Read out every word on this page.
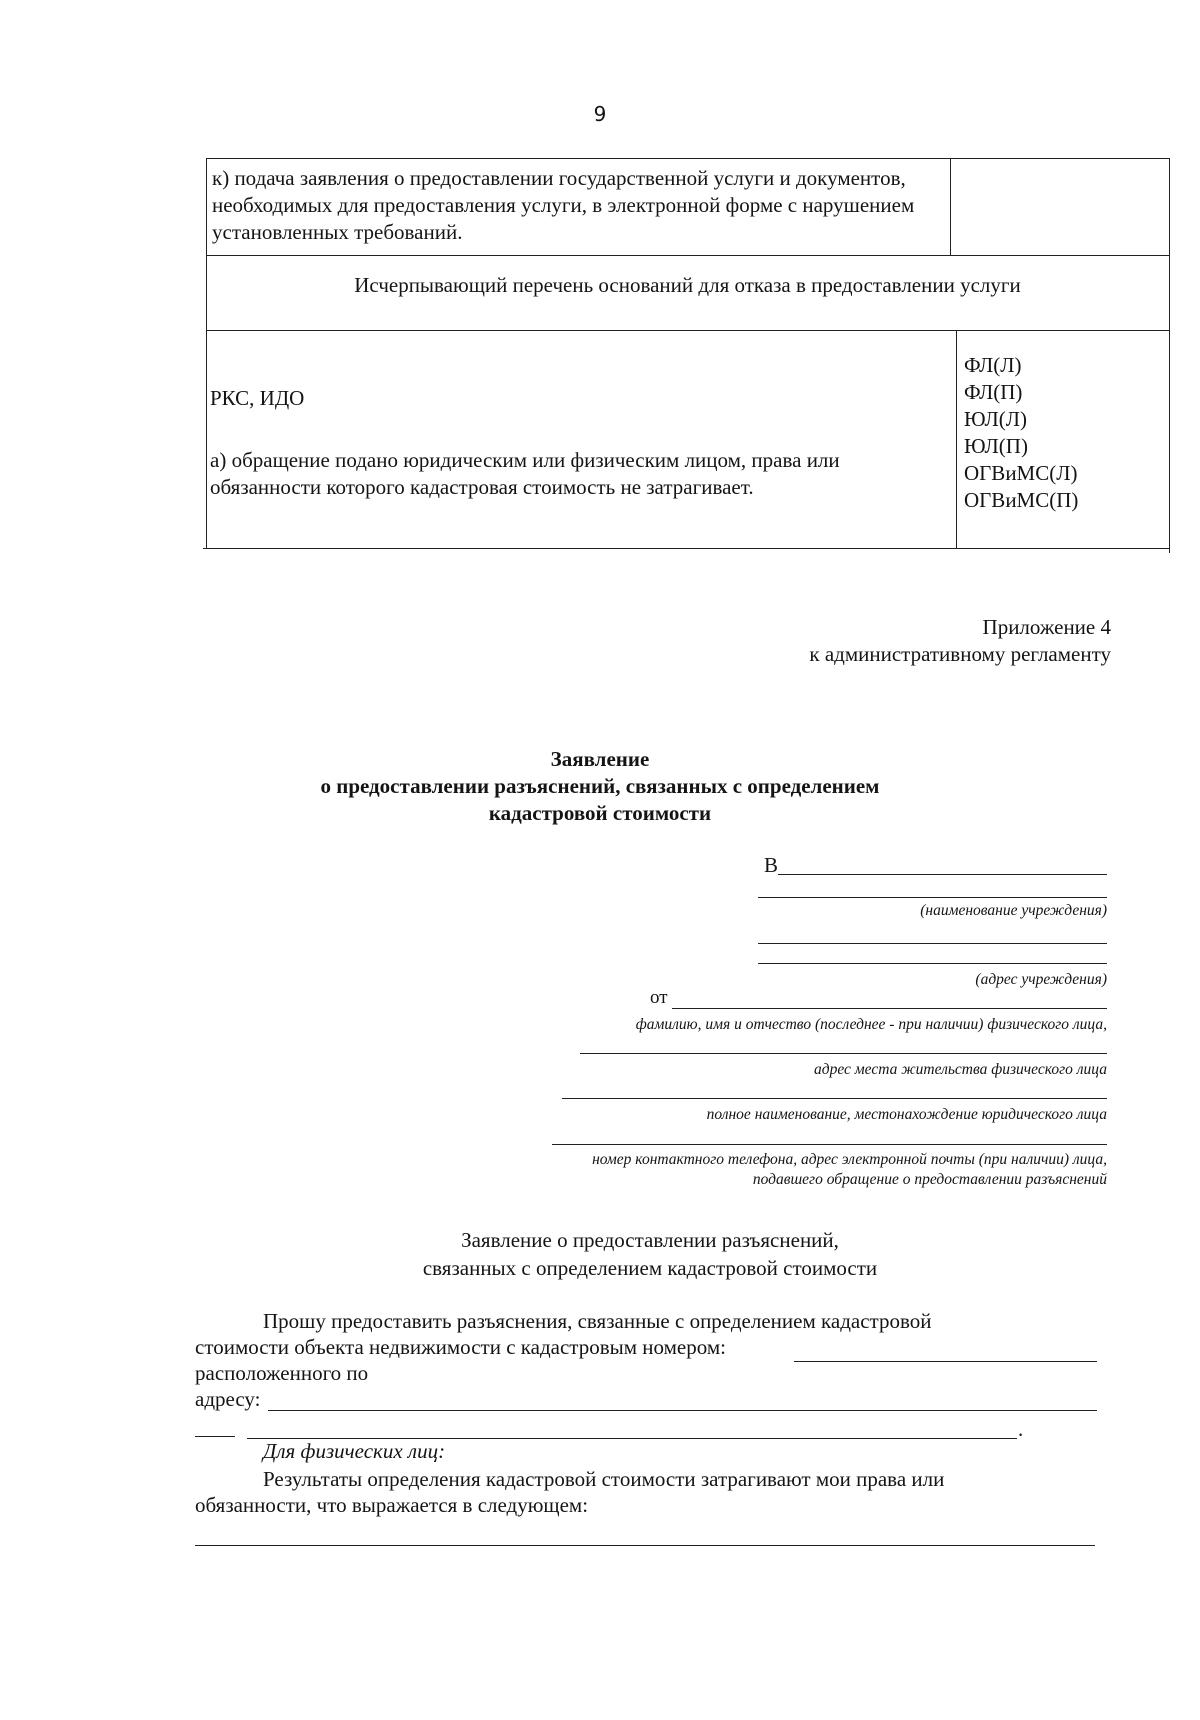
9
к) подача заявления о предоставлении государственной услуги и документов, необходимых для предоставления услуги, в электронной форме с нарушением установленных требований.
Исчерпывающий перечень оснований для отказа в предоставлении услуги
РКС, ИДО
а) обращение подано юридическим или физическим лицом, права или обязанности которого кадастровая стоимость не затрагивает.
ФЛ(Л)
ФЛ(П)
ЮЛ(Л)
ЮЛ(П)
ОГВиМС(Л)
ОГВиМС(П)
Приложение 4
к административному регламенту
Заявление
о предоставлении разъяснений, связанных с определением
кадастровой стоимости
В
(наименование учреждения)
(адрес учреждения)
от
фамилию, имя и отчество (последнее - при наличии) физического лица,
адрес места жительства физического лица
полное наименование, местонахождение юридического лица
номер контактного телефона, адрес электронной почты (при наличии) лица,
подавшего обращение о предоставлении разъяснений
Заявление о предоставлении разъяснений,
связанных с определением кадастровой стоимости
Прошу предоставить разъяснения, связанные с определением кадастровой
стоимости объекта недвижимости с кадастровым номером:
расположенного по
адресу:
.
Для физических лиц:
Результаты определения кадастровой стоимости затрагивают мои права или
обязанности, что выражается в следующем:
